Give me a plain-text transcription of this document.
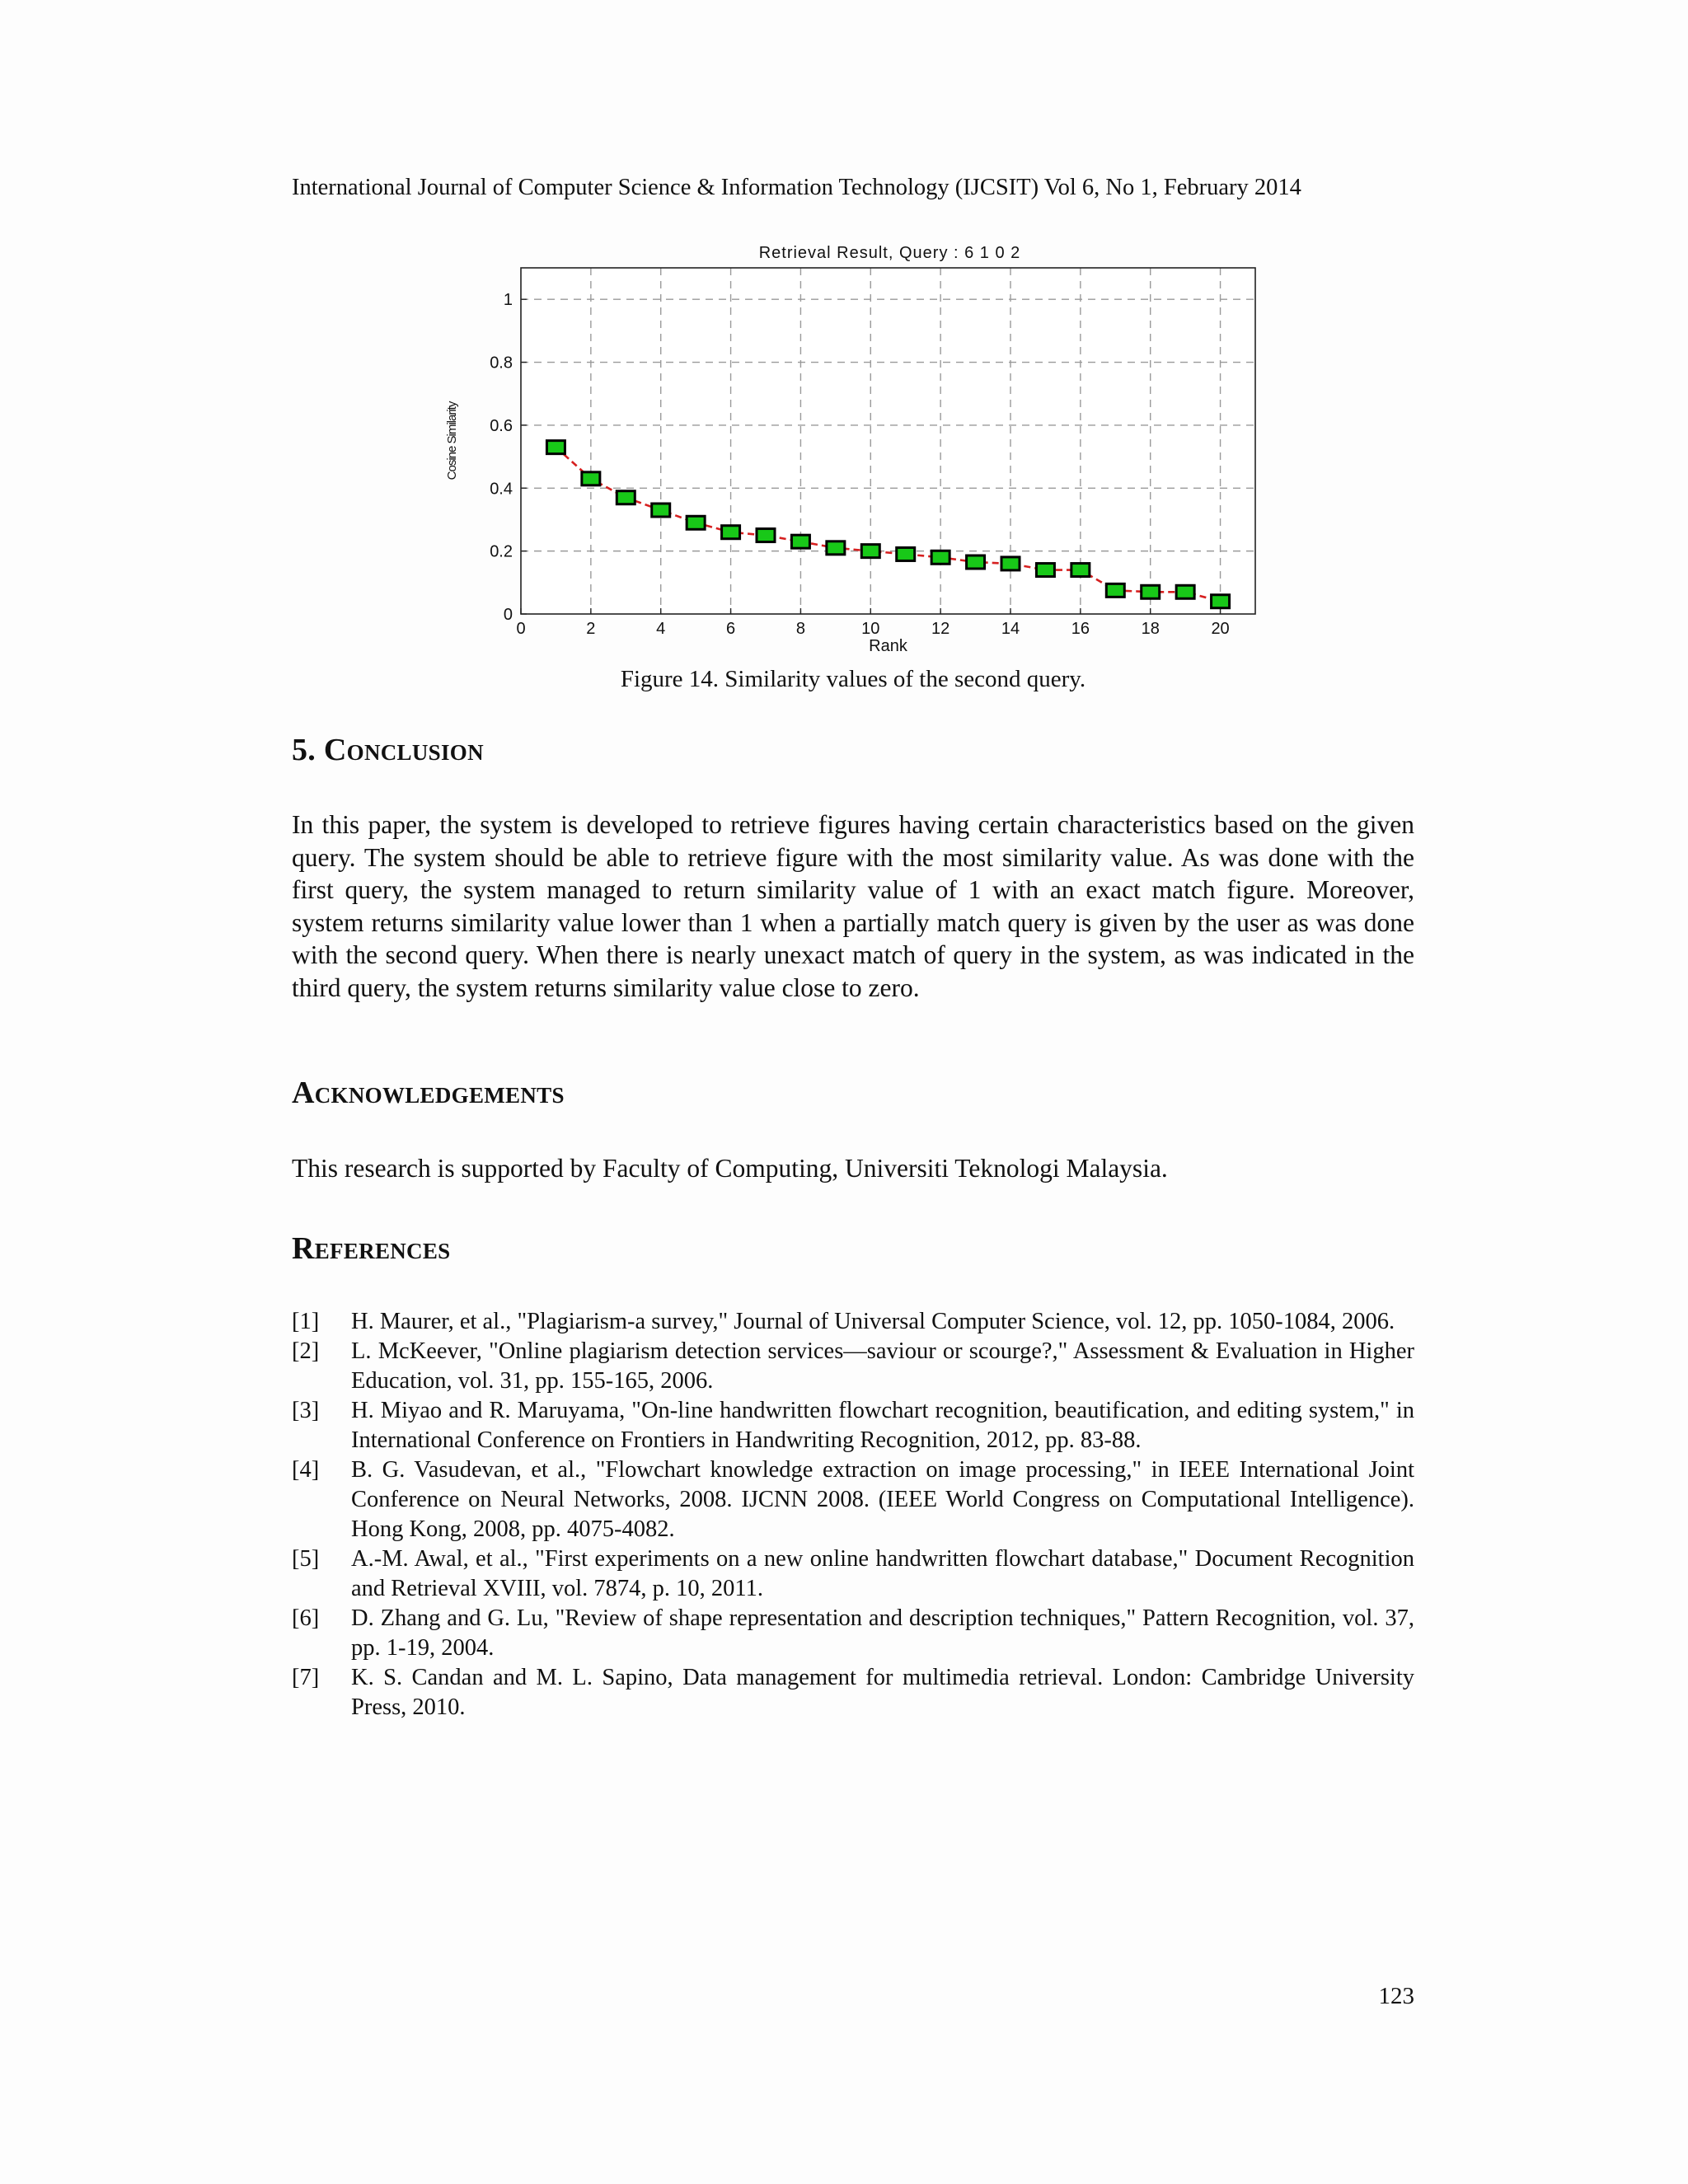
International Journal of Computer Science & Information Technology (IJCSIT) Vol 6, No 1, February 2014
0	2	4	6	8	10	12	14	16	18	20
0
0.2
0.4
0.6
0.8
1
Retrieval Result, Query : 6 1 0 2
Rank
Cosine Similarity
Figure 14. Similarity values of the second query.
5. Conclusion
In this paper, the system is developed to retrieve figures having certain characteristics based on the given query. The system should be able to retrieve figure with the most similarity value. As was done with the first query, the system managed to return similarity value of 1 with an exact match figure. Moreover, system returns similarity value lower than 1 when a partially match query is given by the user as was done with the second query. When there is nearly unexact match of query in the system, as was indicated in the third query, the system returns similarity value close to zero.
Acknowledgements
This research is supported by Faculty of Computing, Universiti Teknologi Malaysia.
References
[1]	H. Maurer, et al., "Plagiarism-a survey," Journal of Universal Computer Science, vol. 12, pp. 1050-1084, 2006.
[2]	L. McKeever, "Online plagiarism detection services—saviour or scourge?," Assessment & Evaluation in Higher Education, vol. 31, pp. 155-165, 2006.
[3]	H. Miyao and R. Maruyama, "On-line handwritten flowchart recognition, beautification, and editing system," in International Conference on Frontiers in Handwriting Recognition, 2012, pp. 83-88.
[4]	B. G. Vasudevan, et al., "Flowchart knowledge extraction on image processing," in IEEE International Joint Conference on Neural Networks, 2008. IJCNN 2008. (IEEE World Congress on Computational Intelligence). Hong Kong, 2008, pp. 4075-4082.
[5]	A.-M. Awal, et al., "First experiments on a new online handwritten flowchart database," Document Recognition and Retrieval XVIII, vol. 7874, p. 10, 2011.
[6]	D. Zhang and G. Lu, "Review of shape representation and description techniques," Pattern Recognition, vol. 37, pp. 1-19, 2004.
[7]	K. S. Candan and M. L. Sapino, Data management for multimedia retrieval. London: Cambridge University Press, 2010.
123
